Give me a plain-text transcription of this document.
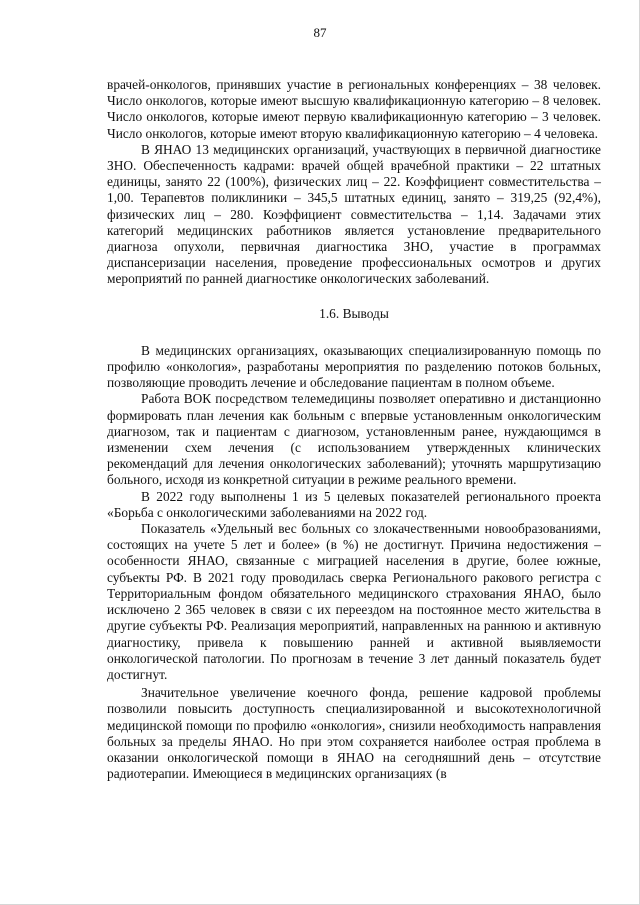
87

врачей-онкологов, принявших участие в региональных конференциях – 38 человек. Число онкологов, которые имеют высшую квалификационную категорию – 8 человек. Число онкологов, которые имеют первую квалификационную категорию – 3 человек. Число онкологов, которые имеют вторую квалификационную категорию – 4 человека.

В ЯНАО 13 медицинских организаций, участвующих в первичной диагностике ЗНО. Обеспеченность кадрами: врачей общей врачебной практики – 22 штатных единицы, занято 22 (100%), физических лиц – 22. Коэффициент совместительства – 1,00. Терапевтов поликлиники – 345,5 штатных единиц, занято – 319,25 (92,4%), физических лиц – 280. Коэффициент совместительства – 1,14. Задачами этих категорий медицинских работников является установление предварительного диагноза опухоли, первичная диагностика ЗНО, участие в программах диспансеризации населения, проведение профессиональных осмотров и других мероприятий по ранней диагностике онкологических заболеваний.

1.6. Выводы

В медицинских организациях, оказывающих специализированную помощь по профилю «онкология», разработаны мероприятия по разделению потоков больных, позволяющие проводить лечение и обследование пациентам в полном объеме.

Работа ВОК посредством телемедицины позволяет оперативно и дистанционно формировать план лечения как больным с впервые установленным онкологическим диагнозом, так и пациентам с диагнозом, установленным ранее, нуждающимся в изменении схем лечения (с использованием утвержденных клинических рекомендаций для лечения онкологических заболеваний); уточнять маршрутизацию больного, исходя из конкретной ситуации в режиме реального времени.

В 2022 году выполнены 1 из 5 целевых показателей регионального проекта «Борьба с онкологическими заболеваниями на 2022 год.

Показатель «Удельный вес больных со злокачественными новообразованиями, состоящих на учете 5 лет и более» (в %) не достигнут. Причина недостижения – особенности ЯНАО, связанные с миграцией населения в другие, более южные, субъекты РФ. В 2021 году проводилась сверка Регионального ракового регистра с Территориальным фондом обязательного медицинского страхования ЯНАО, было исключено 2 365 человек в связи с их переездом на постоянное место жительства в другие субъекты РФ. Реализация мероприятий, направленных на раннюю и активную диагностику, привела к повышению ранней и активной выявляемости онкологической патологии. По прогнозам в течение 3 лет данный показатель будет достигнут.

Значительное увеличение коечного фонда, решение кадровой проблемы позволили повысить доступность специализированной и высокотехнологичной медицинской помощи по профилю «онкология», снизили необходимость направления больных за пределы ЯНАО. Но при этом сохраняется наиболее острая проблема в оказании онкологической помощи в ЯНАО на сегодняшний день – отсутствие радиотерапии. Имеющиеся в медицинских организациях (в
